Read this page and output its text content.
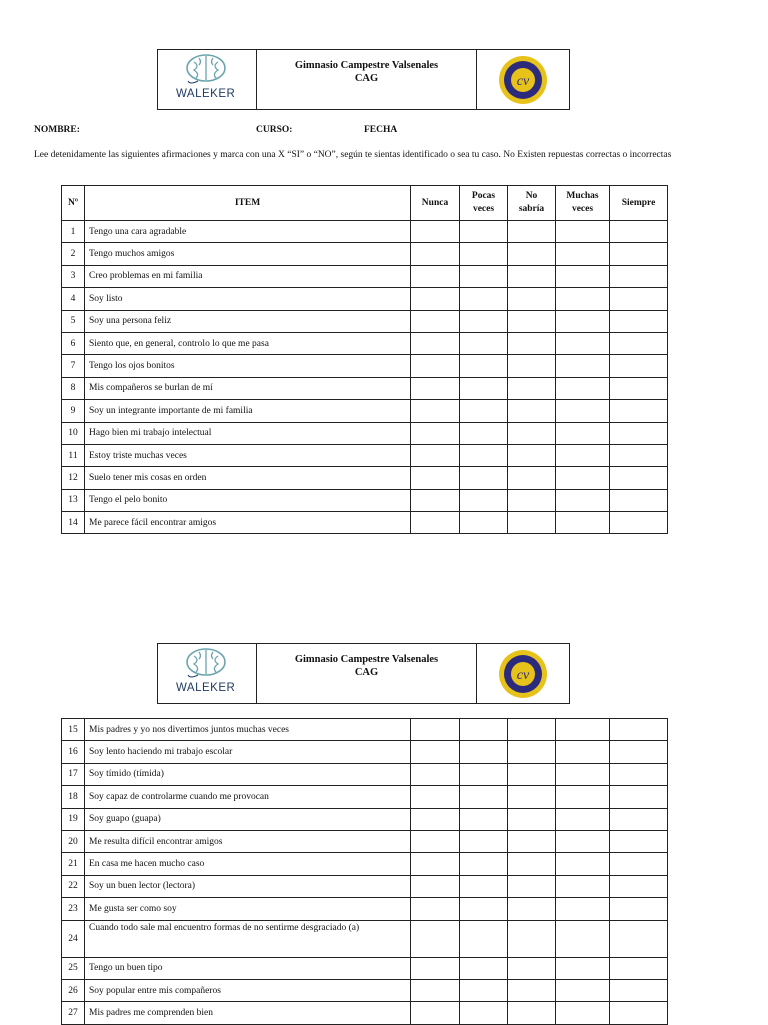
WALEKER
Gimnasio Campestre Valsenales
CAG	cv
NOMBRE:	CURSO:	FECHA
Lee detenidamente las siguientes afirmaciones y marca con una X “SI” o “NO”, según te sientas identificado o sea tu caso. No Existen repuestas correctas o incorrectas
Nº	ITEM	Nunca	Pocas veces	No sabría	Muchas veces	Siempre
1	Tengo una cara agradable					
2	Tengo muchos amigos					
3	Creo problemas en mi familia					
4	Soy listo					
5	Soy una persona feliz					
6	Siento que, en general, controlo lo que me pasa					
7	Tengo los ojos bonitos					
8	Mis compañeros se burlan de mí					
9	Soy un integrante importante de mi familia					
10	Hago bien mi trabajo intelectual					
11	Estoy triste muchas veces					
12	Suelo tener mis cosas en orden					
13	Tengo el pelo bonito					
14	Me parece fácil encontrar amigos					
WALEKER
Gimnasio Campestre Valsenales
CAG	cv
15	Mis padres y yo nos divertimos juntos muchas veces					
16	Soy lento haciendo mi trabajo escolar					
17	Soy tímido (tímida)					
18	Soy capaz de controlarme cuando me provocan					
19	Soy guapo (guapa)					
20	Me resulta difícil encontrar amigos					
21	En casa me hacen mucho caso					
22	Soy un buen lector (lectora)					
23	Me gusta ser como soy					
24	Cuando todo sale mal encuentro formas de no sentirme desgraciado (a)					
25	Tengo un buen tipo					
26	Soy popular entre mis compañeros					
27	Mis padres me comprenden bien					
